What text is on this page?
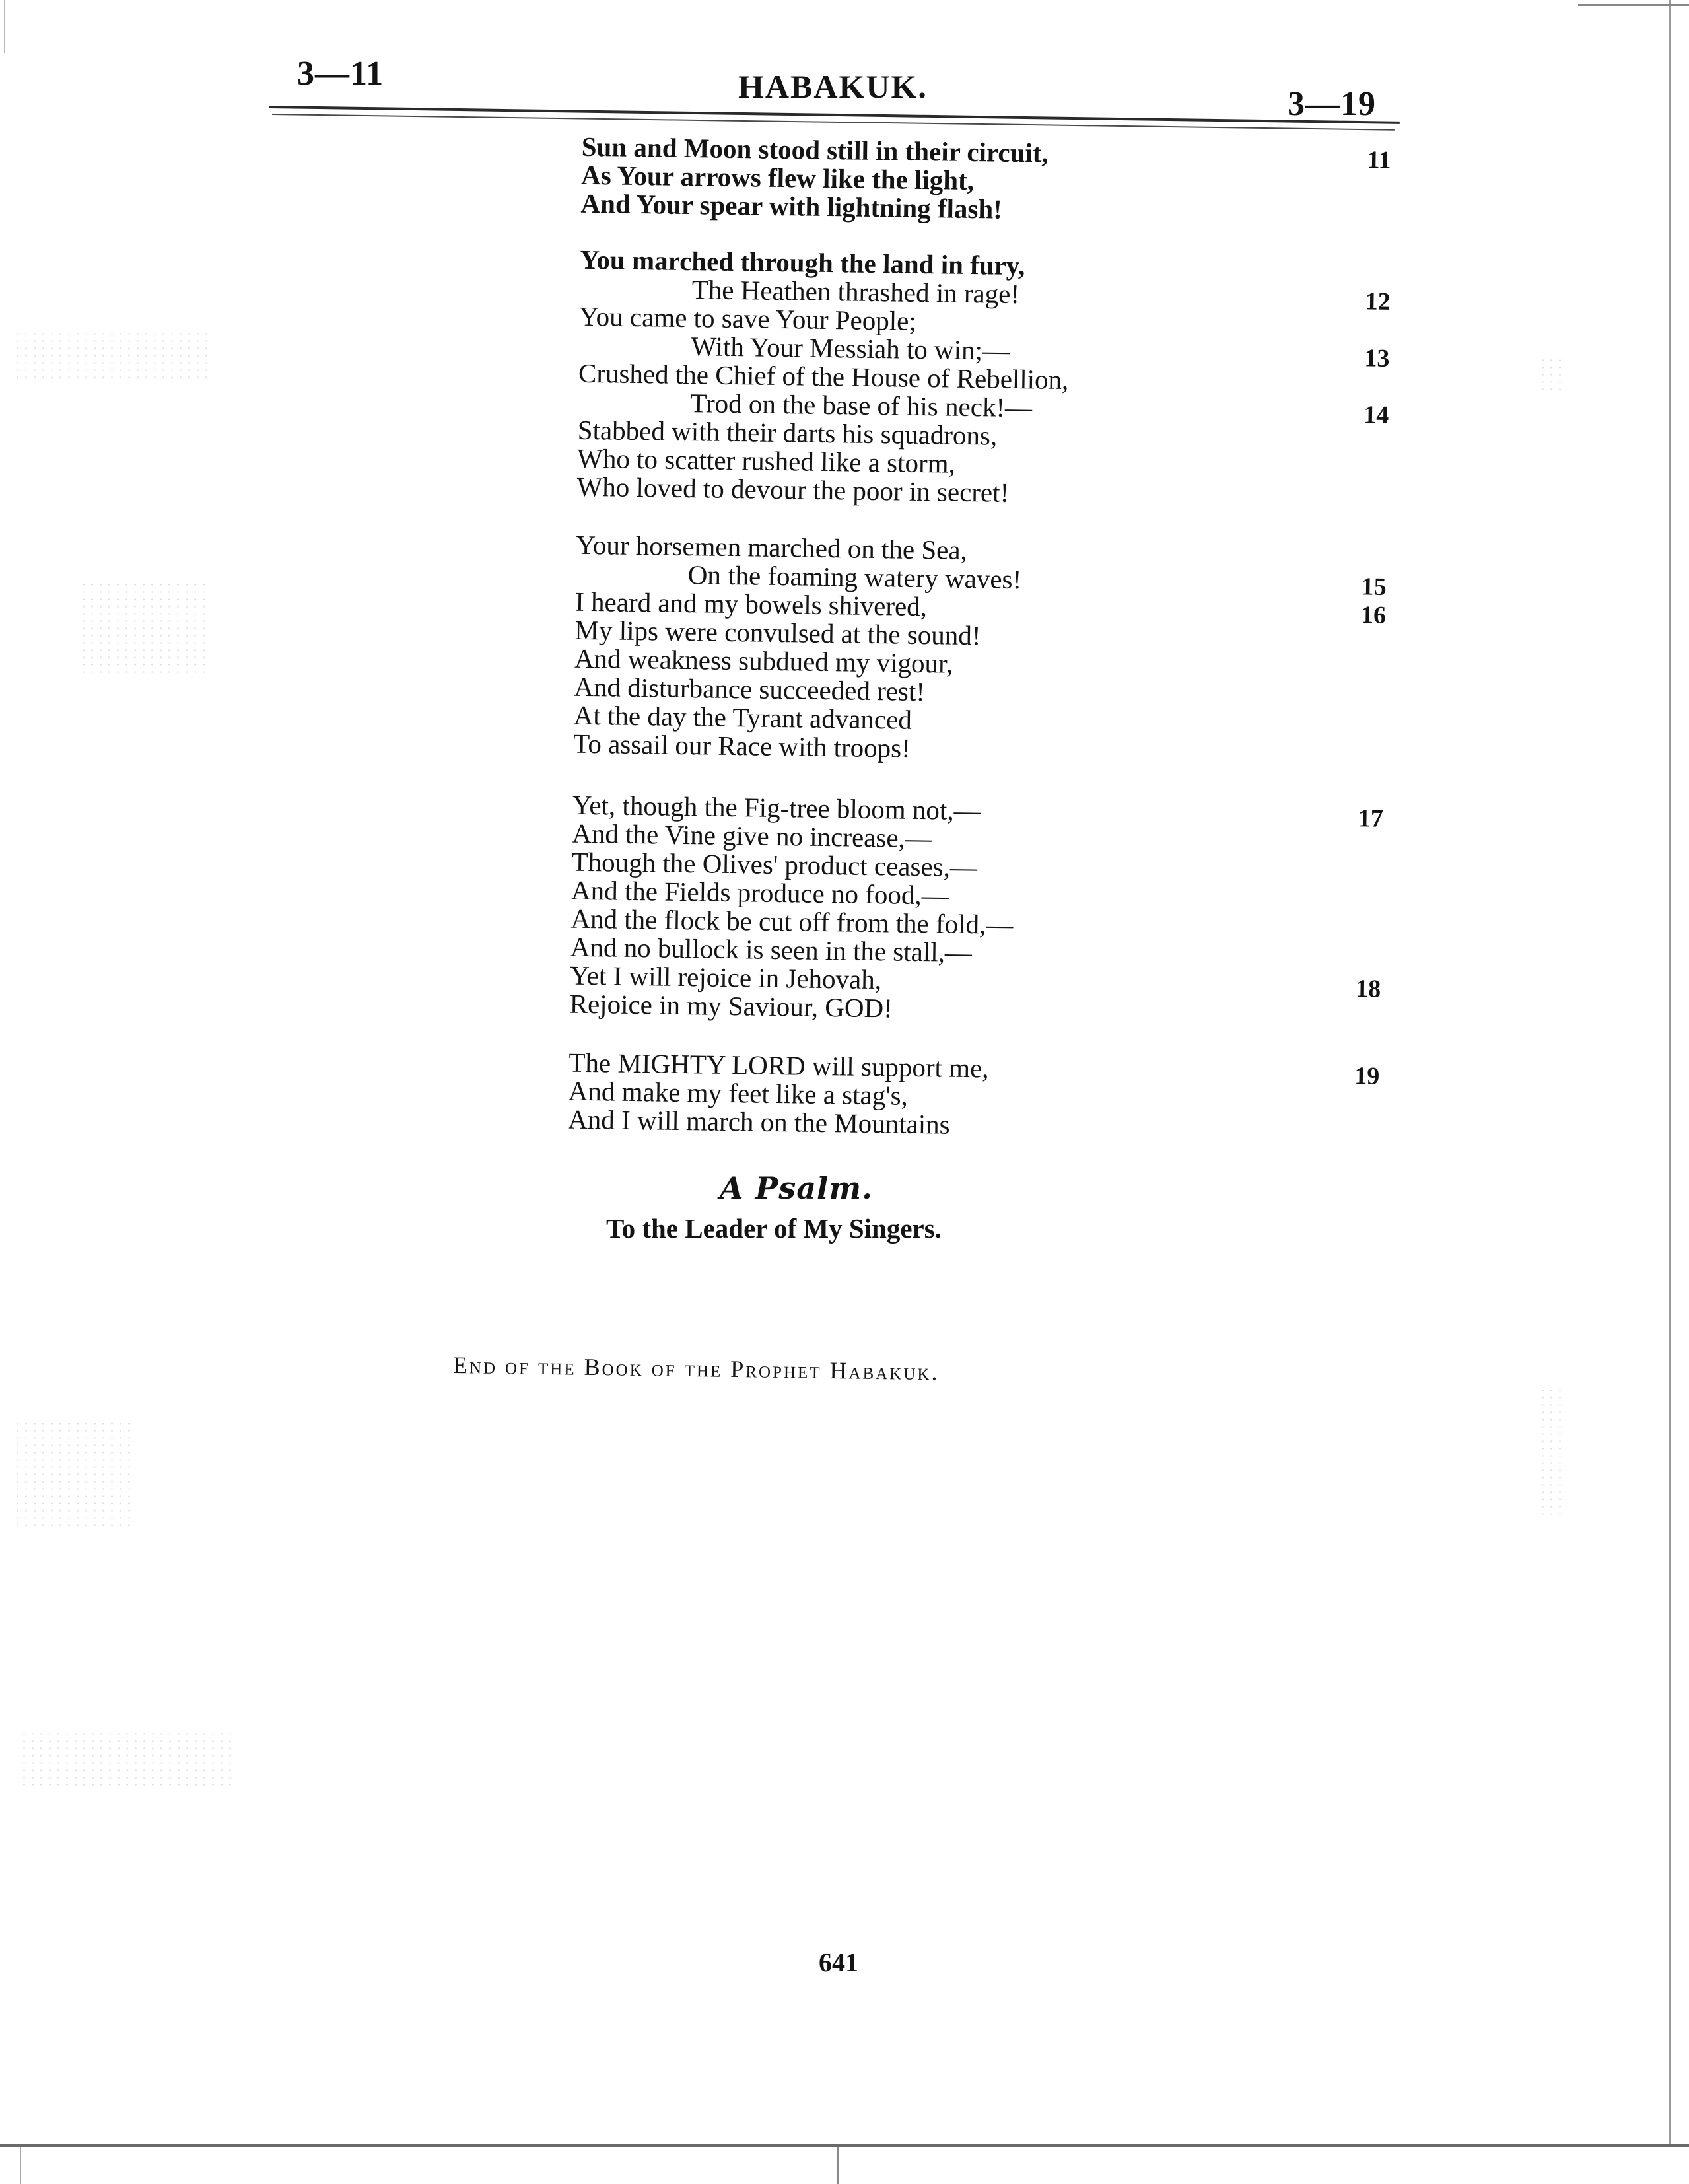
3—11	HABAKUK.	3—19
Sun and Moon stood still in their circuit,	11
As Your arrows flew like the light,
And Your spear with lightning flash!
You marched through the land in fury,
The Heathen thrashed in rage!	12
You came to save Your People;
With Your Messiah to win;—	13
Crushed the Chief of the House of Rebellion,
Trod on the base of his neck!—	14
Stabbed with their darts his squadrons,
Who to scatter rushed like a storm,
Who loved to devour the poor in secret!
Your horsemen marched on the Sea,
On the foaming watery waves!	15
I heard and my bowels shivered,	16
My lips were convulsed at the sound!
And weakness subdued my vigour,
And disturbance succeeded rest!
At the day the Tyrant advanced
To assail our Race with troops!
Yet, though the Fig-tree bloom not,—	17
And the Vine give no increase,—
Though the Olives' product ceases,—
And the Fields produce no food,—
And the flock be cut off from the fold,—
And no bullock is seen in the stall,—
Yet I will rejoice in Jehovah,	18
Rejoice in my Saviour, GOD!
The MIGHTY LORD will support me,	19
And make my feet like a stag's,
And I will march on the Mountains
A Psalm.
To the Leader of My Singers.
End of the Book of the Prophet Habakuk.
641
